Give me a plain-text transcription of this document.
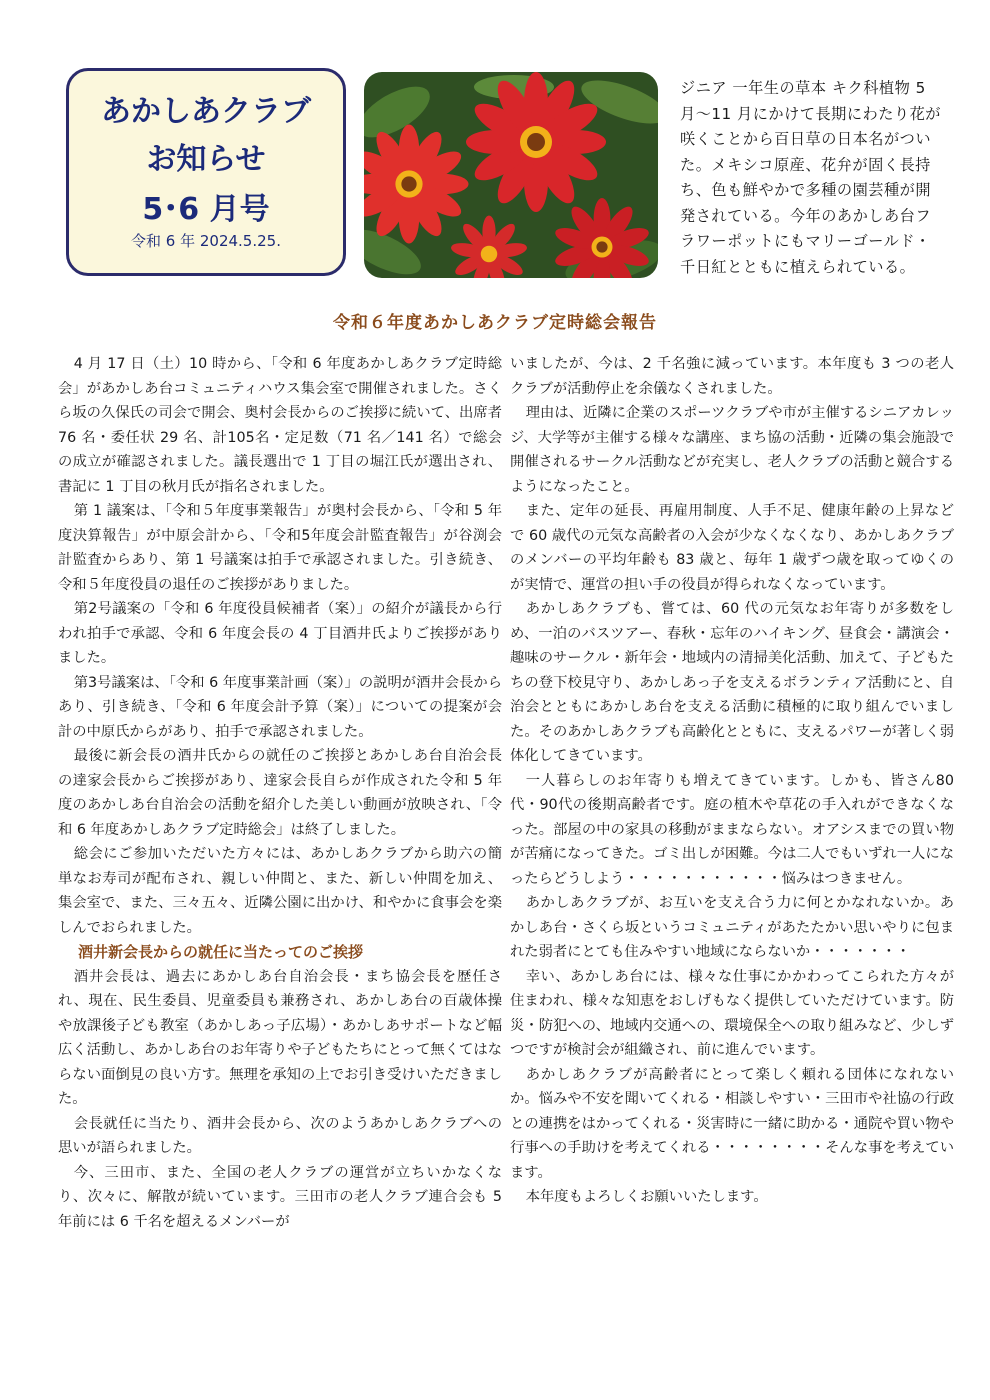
あかしあクラブ
お知らせ
5･6 月号
令和 6 年 2024.5.25.

ジニア 一年生の草本 キク科植物 5 月～11 月にかけて長期にわたり花が咲くことから百日草の日本名がついた。メキシコ原産、花弁が固く長持ち、色も鮮やかで多種の園芸種が開発されている。今年のあかしあ台フラワーポットにもマリーゴールド・千日紅とともに植えられている。

令和６年度あかしあクラブ定時総会報告

4 月 17 日（土）10 時から、「令和 6 年度あかしあクラブ定時総会」があかしあ台コミュニティハウス集会室で開催されました。さくら坂の久保氏の司会で開会、奥村会長からのご挨拶に続いて、出席者 76 名・委任状 29 名、計105名・定足数（71 名／141 名）で総会の成立が確認されました。議長選出で 1 丁目の堀江氏が選出され、書記に 1 丁目の秋月氏が指名されました。

第 1 議案は、「令和５年度事業報告」が奥村会長から、「令和 5 年度決算報告」が中原会計から、「令和5年度会計監査報告」が谷渕会計監査からあり、第 1 号議案は拍手で承認されました。引き続き、令和５年度役員の退任のご挨拶がありました。

第2号議案の「令和 6 年度役員候補者（案）」の紹介が議長から行われ拍手で承認、令和 6 年度会長の 4 丁目酒井氏よりご挨拶がありました。

第3号議案は、「令和 6 年度事業計画（案）」の説明が酒井会長からあり、引き続き、「令和 6 年度会計予算（案）」についての提案が会計の中原氏からがあり、拍手で承認されました。

最後に新会長の酒井氏からの就任のご挨拶とあかしあ台自治会長の達家会長からご挨拶があり、達家会長自らが作成された令和 5 年度のあかしあ台自治会の活動を紹介した美しい動画が放映され、「令和 6 年度あかしあクラブ定時総会」は終了しました。

総会にご参加いただいた方々には、あかしあクラブから助六の簡単なお寿司が配布され、親しい仲間と、また、新しい仲間を加え、集会室で、また、三々五々、近隣公園に出かけ、和やかに食事会を楽しんでおられました。

酒井新会長からの就任に当たってのご挨拶

酒井会長は、過去にあかしあ台自治会長・まち協会長を歴任され、現在、民生委員、児童委員も兼務され、あかしあ台の百歳体操や放課後子ども教室（あかしあっ子広場）・あかしあサポートなど幅広く活動し、あかしあ台のお年寄りや子どもたちにとって無くてはならない面倒見の良い方す。無理を承知の上でお引き受けいただきました。

会長就任に当たり、酒井会長から、次のようあかしあクラブへの思いが語られました。

今、三田市、また、全国の老人クラブの運営が立ちいかなくなり、次々に、解散が続いています。三田市の老人クラブ連合会も 5 年前には 6 千名を超えるメンバーが

いましたが、今は、2 千名強に減っています。本年度も 3 つの老人クラブが活動停止を余儀なくされました。

理由は、近隣に企業のスポーツクラブや市が主催するシニアカレッジ、大学等が主催する様々な講座、まち協の活動・近隣の集会施設で開催されるサークル活動などが充実し、老人クラブの活動と競合するようになったこと。

また、定年の延長、再雇用制度、人手不足、健康年齢の上昇などで 60 歳代の元気な高齢者の入会が少なくなくなり、あかしあクラブのメンバーの平均年齢も 83 歳と、毎年 1 歳ずつ歳を取ってゆくのが実情で、運営の担い手の役員が得られなくなっています。

あかしあクラブも、嘗ては、60 代の元気なお年寄りが多数をしめ、一泊のバスツアー、春秋・忘年のハイキング、昼食会・講演会・趣味のサークル・新年会・地域内の清掃美化活動、加えて、子どもたちの登下校見守り、あかしあっ子を支えるボランティア活動にと、自治会とともにあかしあ台を支える活動に積極的に取り組んでいました。そのあかしあクラブも高齢化とともに、支えるパワーが著しく弱体化してきています。

一人暮らしのお年寄りも増えてきています。しかも、皆さん80代・90代の後期高齢者です。庭の植木や草花の手入れができなくなった。部屋の中の家具の移動がままならない。オアシスまでの買い物が苦痛になってきた。ゴミ出しが困難。今は二人でもいずれ一人になったらどうしよう・・・・・・・・・・・悩みはつきません。

あかしあクラブが、お互いを支え合う力に何とかなれないか。あかしあ台・さくら坂というコミュニティがあたたかい思いやりに包まれた弱者にとても住みやすい地域にならないか・・・・・・・

幸い、あかしあ台には、様々な仕事にかかわってこられた方々が住まわれ、様々な知恵をおしげもなく提供していただけています。防災・防犯への、地域内交通への、環境保全への取り組みなど、少しずつですが検討会が組織され、前に進んでいます。

あかしあクラブが高齢者にとって楽しく頼れる団体になれないか。悩みや不安を聞いてくれる・相談しやすい・三田市や社協の行政との連携をはかってくれる・災害時に一緒に助かる・通院や買い物や行事への手助けを考えてくれる・・・・・・・・そんな事を考えています。

本年度もよろしくお願いいたします。
